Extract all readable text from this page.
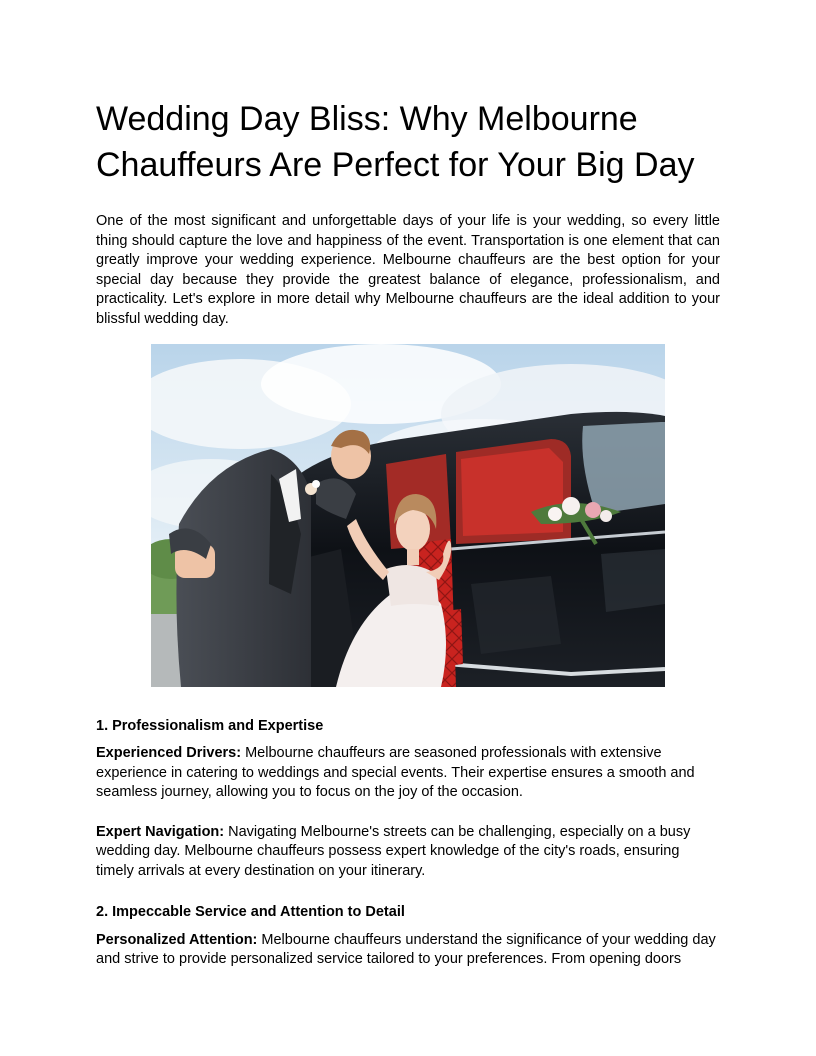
Wedding Day Bliss: Why Melbourne Chauffeurs Are Perfect for Your Big Day

One of the most significant and unforgettable days of your life is your wedding, so every little thing should capture the love and happiness of the event. Transportation is one element that can greatly improve your wedding experience. Melbourne chauffeurs are the best option for your special day because they provide the greatest balance of elegance, professionalism, and practicality. Let's explore in more detail why Melbourne chauffeurs are the ideal addition to your blissful wedding day.

1. Professionalism and Expertise

Experienced Drivers: Melbourne chauffeurs are seasoned professionals with extensive experience in catering to weddings and special events. Their expertise ensures a smooth and seamless journey, allowing you to focus on the joy of the occasion.

Expert Navigation: Navigating Melbourne's streets can be challenging, especially on a busy wedding day. Melbourne chauffeurs possess expert knowledge of the city's roads, ensuring timely arrivals at every destination on your itinerary.

2. Impeccable Service and Attention to Detail

Personalized Attention: Melbourne chauffeurs understand the significance of your wedding day and strive to provide personalized service tailored to your preferences. From opening doors
